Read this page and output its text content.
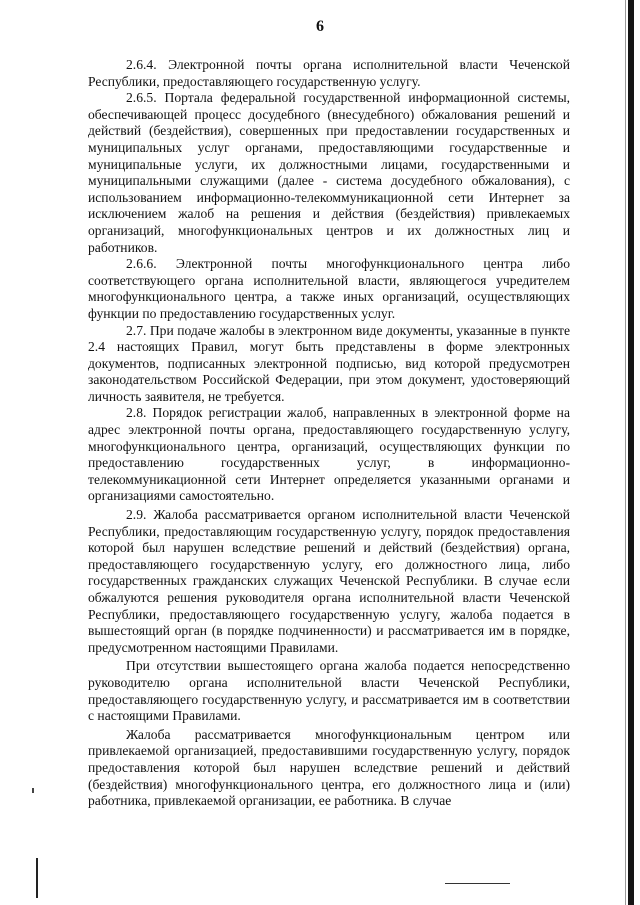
6

2.6.4. Электронной почты органа исполнительной власти Чеченской Республики, предоставляющего государственную услугу.

2.6.5. Портала федеральной государственной информационной системы, обеспечивающей процесс досудебного (внесудебного) обжалования решений и действий (бездействия), совершенных при предоставлении государственных и муниципальных услуг органами, предоставляющими государственные и муниципальные услуги, их должностными лицами, государственными и муниципальными служащими (далее - система досудебного обжалования), с использованием информационно-телекоммуникационной сети Интернет за исключением жалоб на решения и действия (бездействия) привлекаемых организаций, многофункциональных центров и их должностных лиц и работников.

2.6.6. Электронной почты многофункционального центра либо соответствующего органа исполнительной власти, являющегося учредителем многофункционального центра, а также иных организаций, осуществляющих функции по предоставлению государственных услуг.

2.7. При подаче жалобы в электронном виде документы, указанные в пункте 2.4 настоящих Правил, могут быть представлены в форме электронных документов, подписанных электронной подписью, вид которой предусмотрен законодательством Российской Федерации, при этом документ, удостоверяющий личность заявителя, не требуется.

2.8. Порядок регистрации жалоб, направленных в электронной форме на адрес электронной почты органа, предоставляющего государственную услугу, многофункционального центра, организаций, осуществляющих функции по предоставлению государственных услуг, в информационно-телекоммуникационной сети Интернет определяется указанными органами и организациями самостоятельно.

2.9. Жалоба рассматривается органом исполнительной власти Чеченской Республики, предоставляющим государственную услугу, порядок предоставления которой был нарушен вследствие решений и действий (бездействия) органа, предоставляющего государственную услугу, его должностного лица, либо государственных гражданских служащих Чеченской Республики. В случае если обжалуются решения руководителя органа исполнительной власти Чеченской Республики, предоставляющего государственную услугу, жалоба подается в вышестоящий орган (в порядке подчиненности) и рассматривается им в порядке, предусмотренном настоящими Правилами.

При отсутствии вышестоящего органа жалоба подается непосредственно руководителю органа исполнительной власти Чеченской Республики, предоставляющего государственную услугу, и рассматривается им в соответствии с настоящими Правилами.

Жалоба рассматривается многофункциональным центром или привлекаемой организацией, предоставившими государственную услугу, порядок предоставления которой был нарушен вследствие решений и действий (бездействия) многофункционального центра, его должностного лица и (или) работника, привлекаемой организации, ее работника. В случае
